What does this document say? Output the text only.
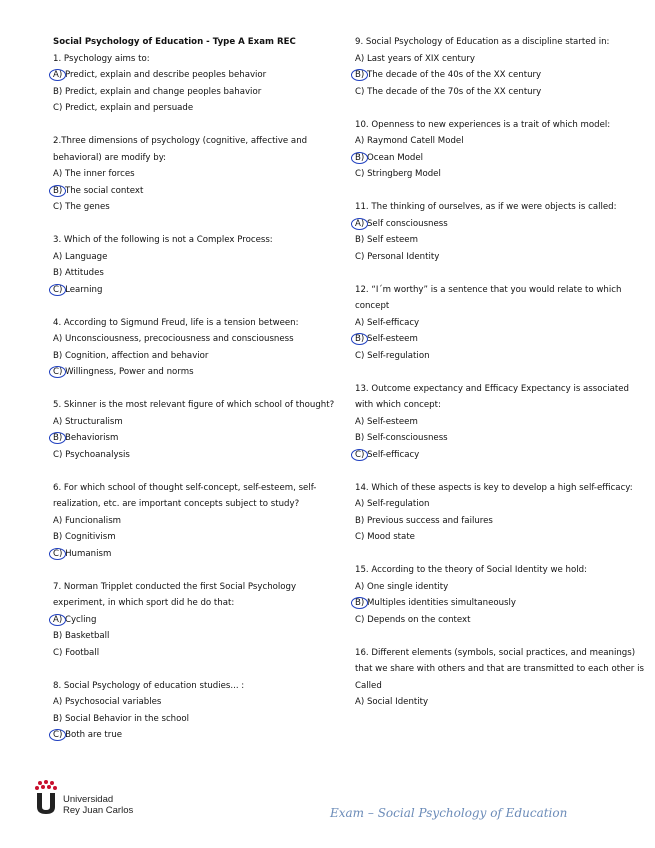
Social Psychology of Education - Type A Exam REC
1. Psychology aims to:
A) Predict, explain and describe peoples behavior
B) Predict, explain and change peoples bahavior
C) Predict, explain and persuade
2.Three dimensions of psychology (cognitive, affective and behavioral) are modify by:
A) The inner forces
B) The social context
C) The genes
3. Which of the following is not a Complex Process:
A) Language
B) Attitudes
C) Learning
4. According to Sigmund Freud, life is a tension between:
A) Unconsciousness, precociousness and consciousness
B) Cognition, affection and behavior
C) Willingness, Power and norms
5. Skinner is the most relevant figure of which school of thought?
A) Structuralism
B) Behaviorism
C) Psychoanalysis
6. For which school of thought self-concept, self-esteem, self-realization, etc. are important concepts subject to study?
A) Funcionalism
B) Cognitivism
C) Humanism
7. Norman Tripplet conducted the first Social Psychology experiment, in which sport did he do that:
A) Cycling
B) Basketball
C) Football
8. Social Psychology of education studies... :
A) Psychosocial variables
B) Social Behavior in the school
C) Both are true
9. Social Psychology of Education as a discipline started in:
A) Last years of XIX century
B) The decade of the 40s of the XX century
C) The decade of the 70s of the XX century
10. Openness to new experiences is a trait of which model:
A) Raymond Catell Model
B) Ocean Model
C) Stringberg Model
11. The thinking of ourselves, as if we were objects is called:
A) Self consciousness
B) Self esteem
C) Personal Identity
12. “I´m worthy” is a sentence that you would relate to which concept
A) Self-efficacy
B) Self-esteem
C) Self-regulation
13. Outcome expectancy and Efficacy Expectancy is associated with which concept:
A) Self-esteem
B) Self-consciousness
C) Self-efficacy
14. Which of these aspects is key to develop a high self-efficacy:
A) Self-regulation
B) Previous success and failures
C) Mood state
15. According to the theory of Social Identity we hold:
A) One single identity
B) Multiples identities simultaneously
C) Depends on the context
16. Different elements (symbols, social practices, and meanings) that we share with others and that are transmitted to each other is Called
A) Social Identity
Universidad
Rey Juan Carlos	Exam – Social Psychology of Education
